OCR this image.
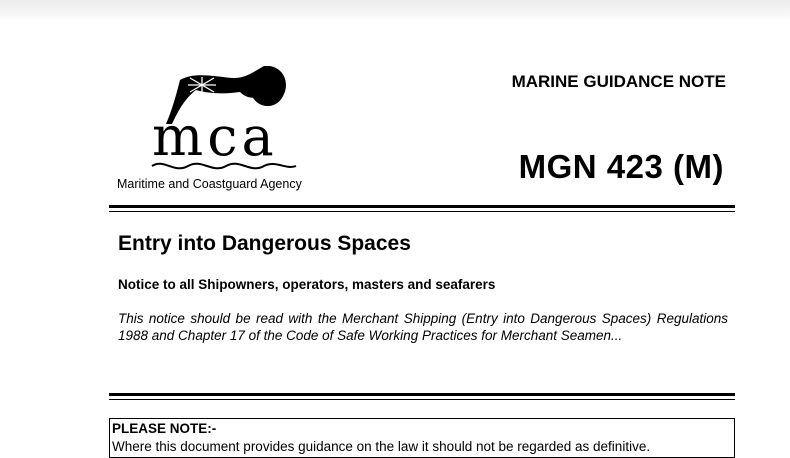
mca
Maritime and Coastguard Agency
MARINE GUIDANCE NOTE
MGN 423 (M)
Entry into Dangerous Spaces
Notice to all Shipowners, operators, masters and seafarers
This notice should be read with the Merchant Shipping (Entry into Dangerous Spaces) Regulations 1988 and Chapter 17 of the Code of Safe Working Practices for Merchant Seamen...
PLEASE NOTE:-
Where this document provides guidance on the law it should not be regarded as definitive.
